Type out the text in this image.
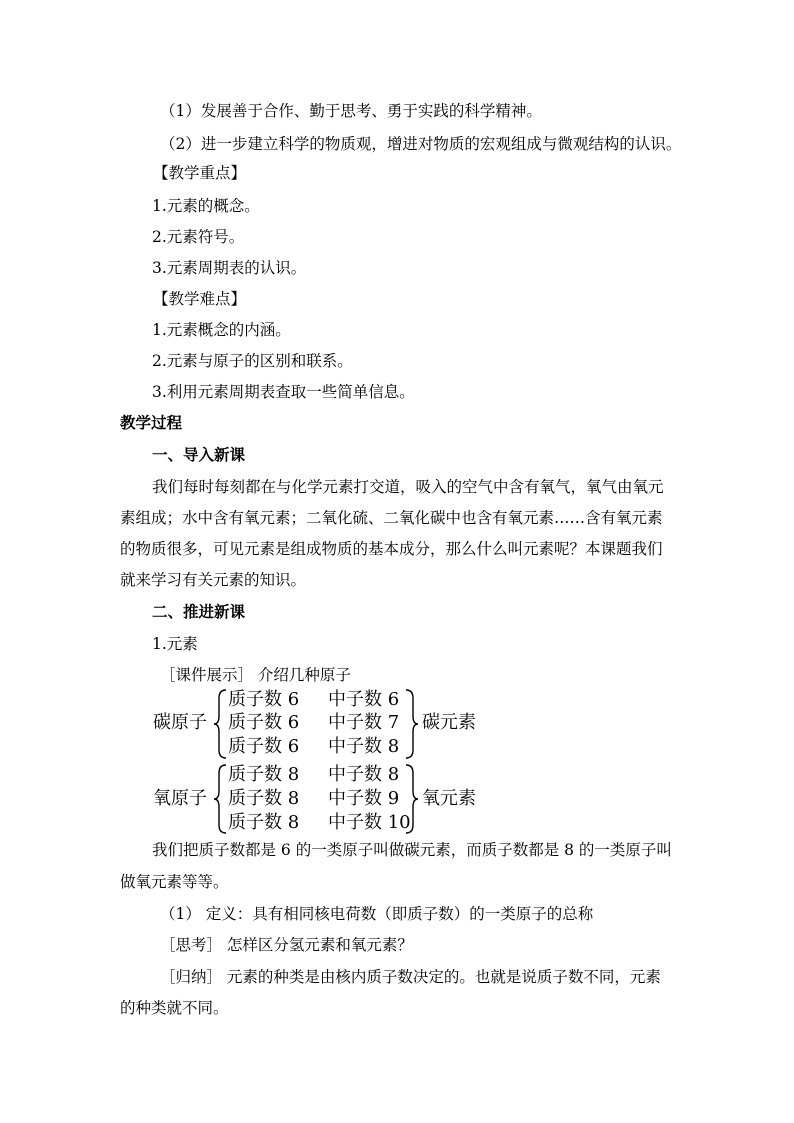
（1）发展善于合作、勤于思考、勇于实践的科学精神。
（2）进一步建立科学的物质观，增进对物质的宏观组成与微观结构的认识。
【教学重点】
1.元素的概念。
2.元素符号。
3.元素周期表的认识。
【教学难点】
1.元素概念的内涵。
2.元素与原子的区别和联系。
3.利用元素周期表查取一些简单信息。
教学过程
一、导入新课
我们每时每刻都在与化学元素打交道，吸入的空气中含有氧气，氧气由氧元
素组成；水中含有氧元素；二氧化硫、二氧化碳中也含有氧元素……含有氧元素
的物质很多，可见元素是组成物质的基本成分，那么什么叫元素呢？本课题我们
就来学习有关元素的知识。
二、推进新课
1.元素
［课件展示］ 介绍几种原子
碳原子
质子数 6 中子数 6
质子数 6 中子数 7
质子数 6 中子数 8
碳元素
氧原子
质子数 8 中子数 8
质子数 8 中子数 9
质子数 8 中子数 10
氧元素
我们把质子数都是 6 的一类原子叫做碳元素，而质子数都是 8 的一类原子叫
做氧元素等等。
（1） 定义：具有相同核电荷数（即质子数）的一类原子的总称
［思考］ 怎样区分氢元素和氧元素？
［归纳］ 元素的种类是由核内质子数决定的。也就是说质子数不同，元素
的种类就不同。
